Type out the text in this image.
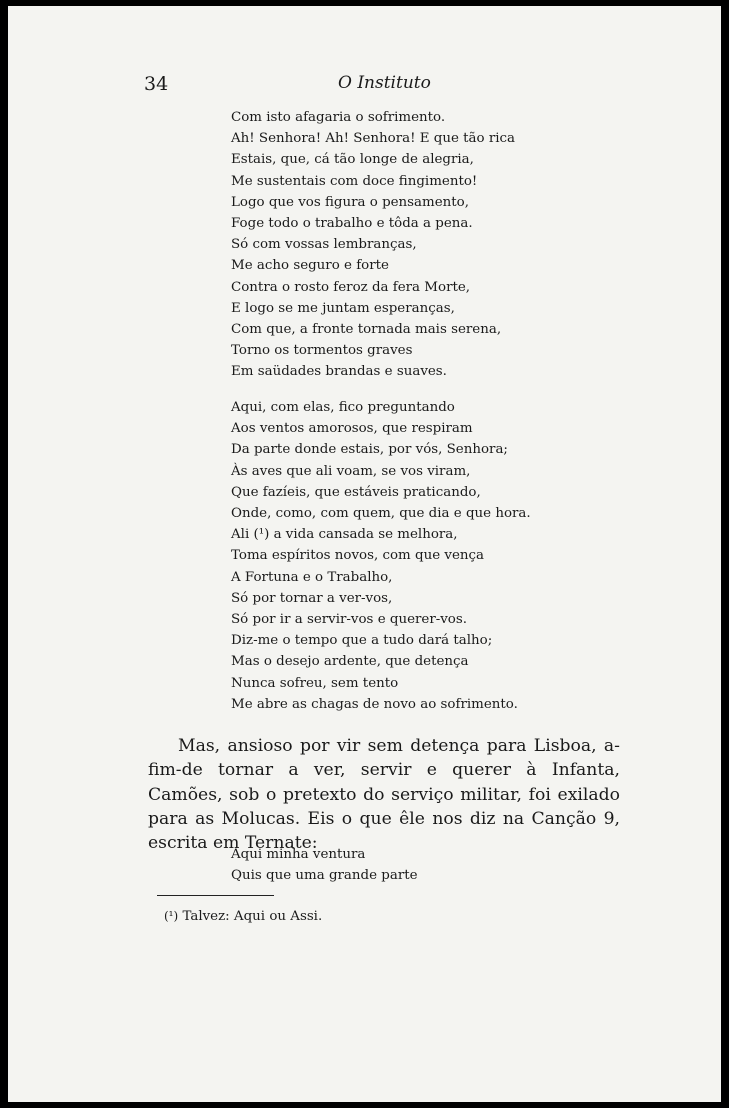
34	O Instituto
Com isto afagaria o sofrimento.
Ah! Senhora! Ah! Senhora! E que tão rica
Estais, que, cá tão longe de alegria,
Me sustentais com doce fingimento!
Logo que vos figura o pensamento,
Foge todo o trabalho e tôda a pena.
Só com vossas lembranças,
Me acho seguro e forte
Contra o rosto feroz da fera Morte,
E logo se me juntam esperanças,
Com que, a fronte tornada mais serena,
Torno os tormentos graves
Em saüdades brandas e suaves.
Aqui, com elas, fico preguntando
Aos ventos amorosos, que respiram
Da parte donde estais, por vós, Senhora;
Às aves que ali voam, se vos viram,
Que fazíeis, que estáveis praticando,
Onde, como, com quem, que dia e que hora.
Ali (¹) a vida cansada se melhora,
Toma espíritos novos, com que vença
A Fortuna e o Trabalho,
Só por tornar a ver-vos,
Só por ir a servir-vos e querer-vos.
Diz-me o tempo que a tudo dará talho;
Mas o desejo ardente, que detença
Nunca sofreu, sem tento
Me abre as chagas de novo ao sofrimento.

Mas, ansioso por vir sem detença para Lisboa, a-fim-de tornar a ver, servir e querer à Infanta, Camões, sob o pretexto do serviço militar, foi exilado para as Molucas. Eis o que êle nos diz na Canção 9, escrita em Ternate:

Aqui minha ventura
Quis que uma grande parte
(¹) Talvez: Aqui ou Assi.
